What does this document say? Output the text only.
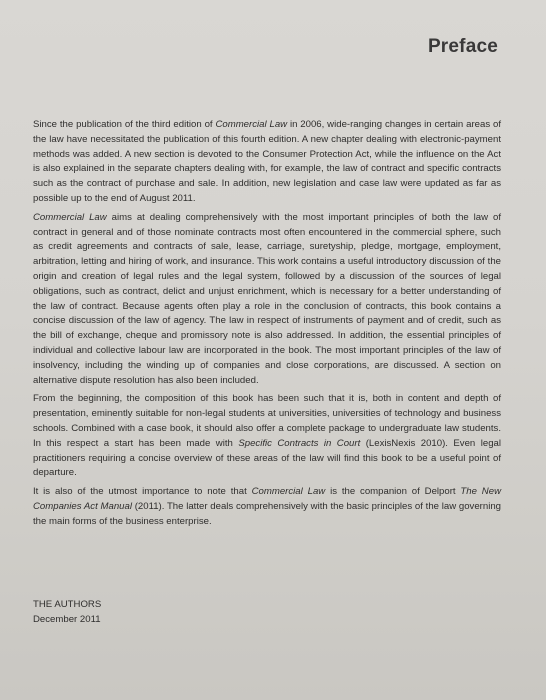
Preface

Since the publication of the third edition of Commercial Law in 2006, wide-ranging changes in certain areas of the law have necessitated the publication of this fourth edition. A new chapter dealing with electronic-payment methods was added. A new section is devoted to the Consumer Protection Act, while the influence on the Act is also explained in the separate chapters dealing with, for example, the law of contract and specific contracts such as the contract of purchase and sale. In addition, new legislation and case law were updated as far as possible up to the end of August 2011.

Commercial Law aims at dealing comprehensively with the most important principles of both the law of contract in general and of those nominate contracts most often encountered in the commercial sphere, such as credit agreements and contracts of sale, lease, carriage, suretyship, pledge, mortgage, employment, arbitration, letting and hiring of work, and insurance. This work contains a useful introductory discussion of the origin and creation of legal rules and the legal system, followed by a discussion of the sources of legal obligations, such as contract, delict and unjust enrichment, which is necessary for a better understanding of the law of contract. Because agents often play a role in the conclusion of contracts, this book contains a concise discussion of the law of agency. The law in respect of instruments of payment and of credit, such as the bill of exchange, cheque and promissory note is also addressed. In addition, the essential principles of individual and collective labour law are incorporated in the book. The most important principles of the law of insolvency, including the winding up of companies and close corporations, are discussed. A section on alternative dispute resolution has also been included.

From the beginning, the composition of this book has been such that it is, both in content and depth of presentation, eminently suitable for non-legal students at universities, universities of technology and business schools. Combined with a case book, it should also offer a complete package to undergraduate law students. In this respect a start has been made with Specific Contracts in Court (LexisNexis 2010). Even legal practitioners requiring a concise overview of these areas of the law will find this book to be a useful point of departure.

It is also of the utmost importance to note that Commercial Law is the companion of Delport The New Companies Act Manual (2011). The latter deals comprehensively with the basic principles of the law governing the main forms of the business enterprise.

THE AUTHORS
December 2011
